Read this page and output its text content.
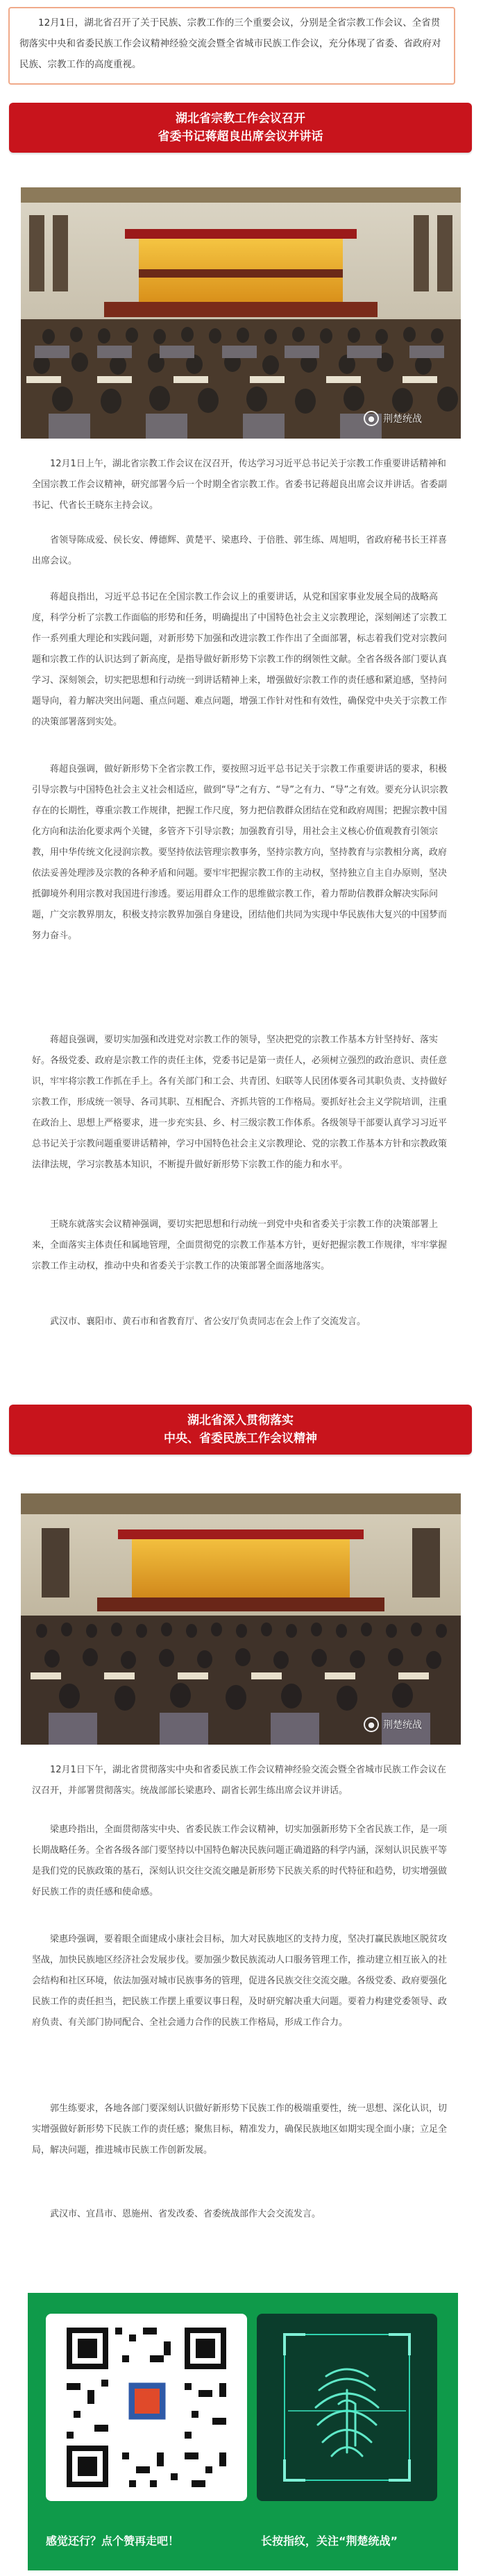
12月1日，湖北省召开了关于民族、宗教工作的三个重要会议，分别是全省宗教工作会议、全省贯彻落实中央和省委民族工作会议精神经验交流会暨全省城市民族工作会议，充分体现了省委、省政府对民族、宗教工作的高度重视。

湖北省宗教工作会议召开
省委书记蒋超良出席会议并讲话
● 荆楚统战
12月1日上午，湖北省宗教工作会议在汉召开，传达学习习近平总书记关于宗教工作重要讲话精神和全国宗教工作会议精神，研究部署今后一个时期全省宗教工作。省委书记蒋超良出席会议并讲话。省委副书记、代省长王晓东主持会议。
省领导陈成爱、侯长安、傅德辉、黄楚平、梁惠玲、于倍胜、郭生练、周旭明，省政府秘书长王祥喜出席会议。
蒋超良指出，习近平总书记在全国宗教工作会议上的重要讲话，从党和国家事业发展全局的战略高度，科学分析了宗教工作面临的形势和任务，明确提出了中国特色社会主义宗教理论，深刻阐述了宗教工作一系列重大理论和实践问题，对新形势下加强和改进宗教工作作出了全面部署，标志着我们党对宗教问题和宗教工作的认识达到了新高度，是指导做好新形势下宗教工作的纲领性文献。全省各级各部门要认真学习、深刻领会，切实把思想和行动统一到讲话精神上来，增强做好宗教工作的责任感和紧迫感，坚持问题导向，着力解决突出问题、重点问题、难点问题，增强工作针对性和有效性，确保党中央关于宗教工作的决策部署落到实处。
蒋超良强调，做好新形势下全省宗教工作，要按照习近平总书记关于宗教工作重要讲话的要求，积极引导宗教与中国特色社会主义社会相适应，做到“导”之有方、“导”之有力、“导”之有效。要充分认识宗教存在的长期性，尊重宗教工作规律，把握工作尺度，努力把信教群众团结在党和政府周围；把握宗教中国化方向和法治化要求两个关键，多管齐下引导宗教；加强教育引导，用社会主义核心价值观教育引领宗教，用中华传统文化浸润宗教。要坚持依法管理宗教事务，坚持宗教方向，坚持教育与宗教相分离，政府依法妥善处理涉及宗教的各种矛盾和问题。要牢牢把握宗教工作的主动权，坚持独立自主自办原则，坚决抵御境外利用宗教对我国进行渗透。要运用群众工作的思维做宗教工作，着力帮助信教群众解决实际问题，广交宗教界朋友，积极支持宗教界加强自身建设，团结他们共同为实现中华民族伟大复兴的中国梦而努力奋斗。
蒋超良强调，要切实加强和改进党对宗教工作的领导，坚决把党的宗教工作基本方针坚持好、落实好。各级党委、政府是宗教工作的责任主体，党委书记是第一责任人，必须树立强烈的政治意识、责任意识，牢牢将宗教工作抓在手上。各有关部门和工会、共青团、妇联等人民团体要各司其职负责、支持做好宗教工作，形成统一领导、各司其职、互相配合、齐抓共管的工作格局。要抓好社会主义学院培训，注重在政治上、思想上严格要求，进一步充实县、乡、村三级宗教工作体系。各级领导干部要认真学习习近平总书记关于宗教问题重要讲话精神，学习中国特色社会主义宗教理论、党的宗教工作基本方针和宗教政策法律法规，学习宗教基本知识，不断提升做好新形势下宗教工作的能力和水平。
王晓东就落实会议精神强调，要切实把思想和行动统一到党中央和省委关于宗教工作的决策部署上来，全面落实主体责任和属地管理，全面贯彻党的宗教工作基本方针，更好把握宗教工作规律，牢牢掌握宗教工作主动权，推动中央和省委关于宗教工作的决策部署全面落地落实。
武汉市、襄阳市、黄石市和省教育厅、省公安厅负责同志在会上作了交流发言。
湖北省深入贯彻落实
中央、省委民族工作会议精神
● 荆楚统战
12月1日下午，湖北省贯彻落实中央和省委民族工作会议精神经验交流会暨全省城市民族工作会议在汉召开，并部署贯彻落实。统战部部长梁惠玲、副省长郭生练出席会议并讲话。
梁惠玲指出，全面贯彻落实中央、省委民族工作会议精神，切实加强新形势下全省民族工作，是一项长期战略任务。全省各级各部门要坚持以中国特色解决民族问题正确道路的科学内涵，深刻认识民族平等是我们党的民族政策的基石，深刻认识交往交流交融是新形势下民族关系的时代特征和趋势，切实增强做好民族工作的责任感和使命感。
梁惠玲强调，要着眼全面建成小康社会目标，加大对民族地区的支持力度，坚决打赢民族地区脱贫攻坚战，加快民族地区经济社会发展步伐。要加强少数民族流动人口服务管理工作，推动建立相互嵌入的社会结构和社区环境，依法加强对城市民族事务的管理，促进各民族交往交流交融。各级党委、政府要强化民族工作的责任担当，把民族工作摆上重要议事日程，及时研究解决重大问题。要着力构建党委领导、政府负责、有关部门协同配合、全社会通力合作的民族工作格局，形成工作合力。
郭生练要求，各地各部门要深刻认识做好新形势下民族工作的极端重要性，统一思想、深化认识，切实增强做好新形势下民族工作的责任感；聚焦目标，精准发力，确保民族地区如期实现全面小康；立足全局，解决问题，推进城市民族工作创新发展。
武汉市、宜昌市、恩施州、省发改委、省委统战部作大会交流发言。
感觉还行？点个赞再走吧！	长按指纹，关注“荆楚统战”
